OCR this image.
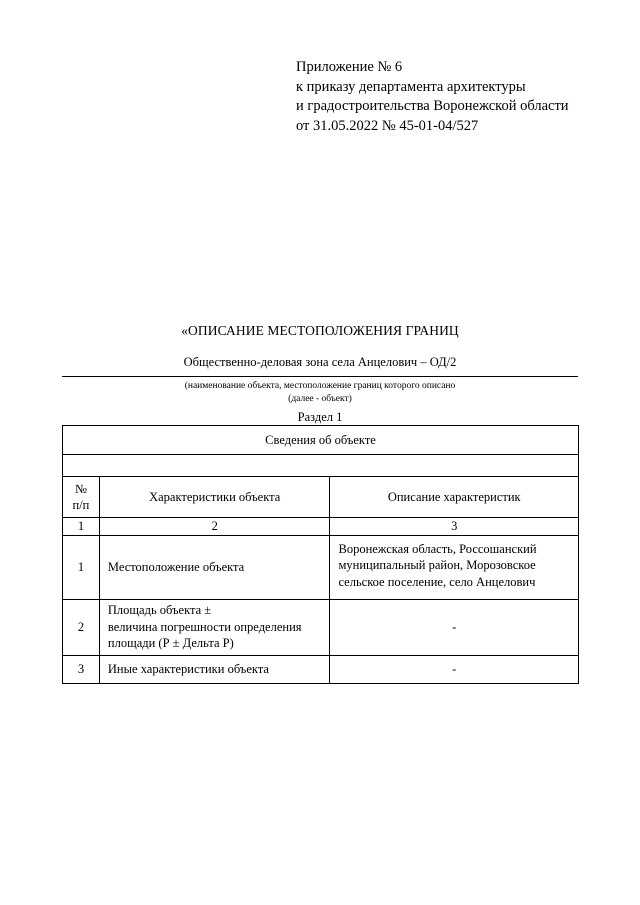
Приложение № 6
к приказу департамента архитектуры
и градостроительства Воронежской области
от 31.05.2022 № 45-01-04/527
«ОПИСАНИЕ МЕСТОПОЛОЖЕНИЯ ГРАНИЦ
Общественно-деловая зона села Анцелович – ОД/2
(наименование объекта, местоположение границ которого описано
(далее - объект)
Раздел 1
Сведения об объекте		

№
п/п	Характеристики объекта	Описание характеристик
1	2	3
1	Местоположение объекта	Воронежская область, Россошанский
муниципальный район, Морозовское
сельское поселение, село Анцелович

2	Площадь объекта ±
величина погрешности определения
площади (Р ± Дельта Р)	-
3	Иные характеристики объекта	-
